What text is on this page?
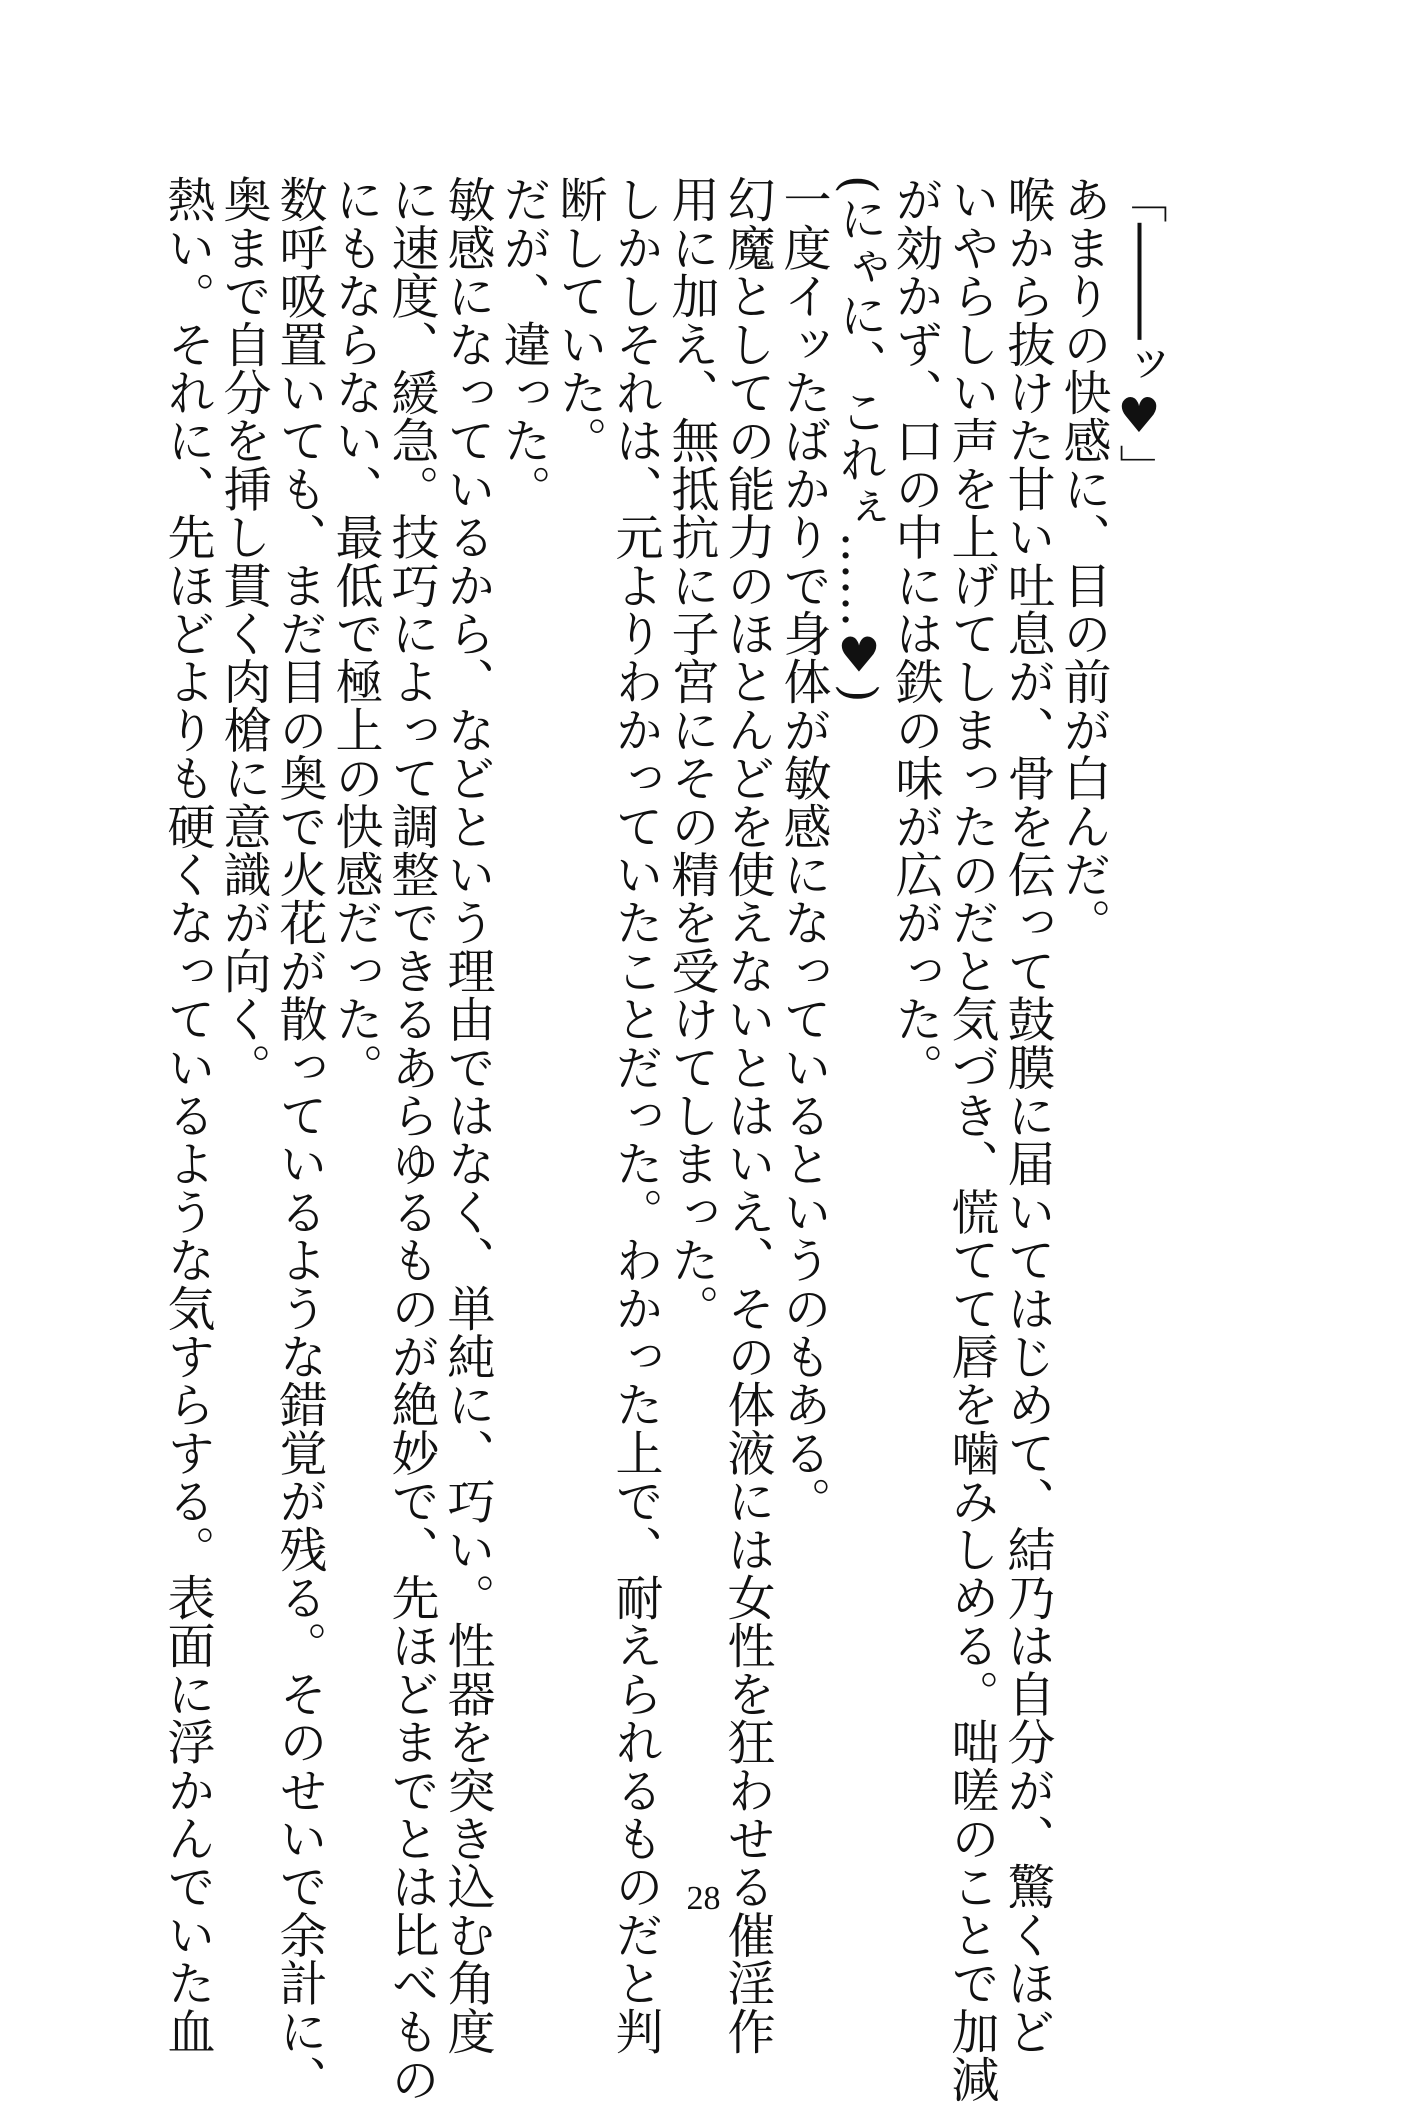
「────ッ♥」
あまりの快感に、目の前が白んだ。
喉から抜けた甘い吐息が、骨を伝って鼓膜に届いてはじめて、結乃は自分が、驚くほど
いやらしい声を上げてしまったのだと気づき、慌てて唇を噛みしめる。咄嗟のことで加減
が効かず、口の中には鉄の味が広がった。
(にゃに、これぇ……♥)
一度イッたばかりで身体が敏感になっているというのもある。
幻魔としての能力のほとんどを使えないとはいえ、その体液には女性を狂わせる催淫作
用に加え、無抵抗に子宮にその精を受けてしまった。
しかしそれは、元よりわかっていたことだった。わかった上で、耐えられるものだと判
断していた。
だが、違った。
敏感になっているから、などという理由ではなく、単純に、巧い。性器を突き込む角度
に速度、緩急。技巧によって調整できるあらゆるものが絶妙で、先ほどまでとは比べもの
にもならない、最低で極上の快感だった。
数呼吸置いても、まだ目の奥で火花が散っているような錯覚が残る。そのせいで余計に、
奥まで自分を挿し貫く肉槍に意識が向く。
熱い。それに、先ほどよりも硬くなっているような気すらする。表面に浮かんでいた血	28
